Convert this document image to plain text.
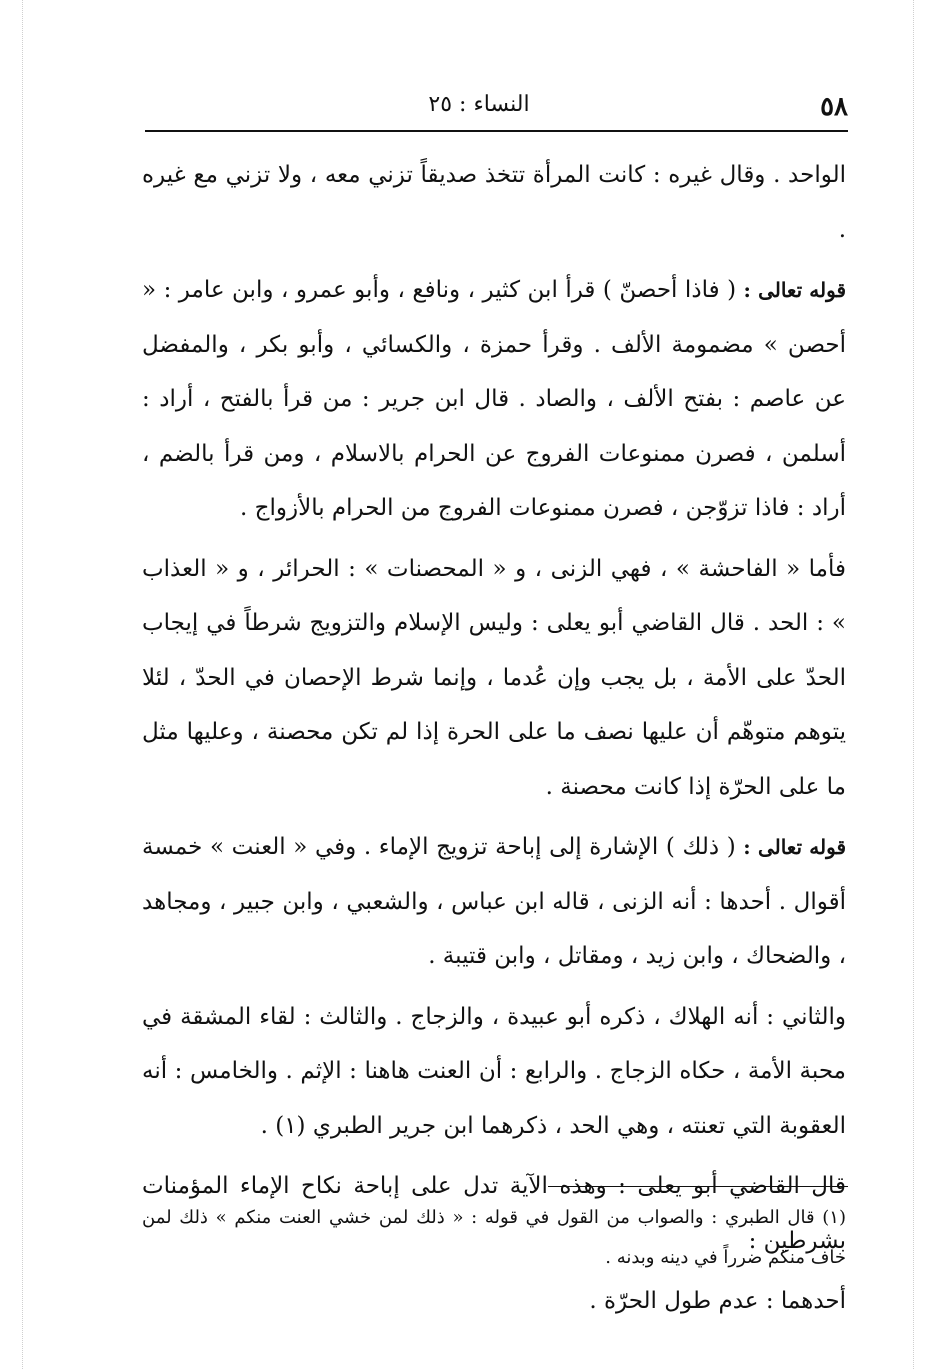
٥٨
النساء : ٢٥

الواحد . وقال غيره : كانت المرأة تتخذ صديقاً تزني معه ، ولا تزني مع غيره .

قوله تعالى : ( فاذا أحصنّ ) قرأ ابن كثير ، ونافع ، وأبو عمرو ، وابن عامر : « أحصن » مضمومة الألف . وقرأ حمزة ، والكسائي ، وأبو بكر ، والمفضل عن عاصم : بفتح الألف ، والصاد . قال ابن جرير : من قرأ بالفتح ، أراد : أسلمن ، فصرن ممنوعات الفروج عن الحرام بالاسلام ، ومن قرأ بالضم ، أراد : فاذا تزوّجن ، فصرن ممنوعات الفروج من الحرام بالأزواج .

فأما « الفاحشة » ، فهي الزنى ، و « المحصنات » : الحرائر ، و « العذاب » : الحد . قال القاضي أبو يعلى : وليس الإسلام والتزويج شرطاً في إيجاب الحدّ على الأمة ، بل يجب وإن عُدما ، وإنما شرط الإحصان في الحدّ ، لئلا يتوهم متوهّم أن عليها نصف ما على الحرة إذا لم تكن محصنة ، وعليها مثل ما على الحرّة إذا كانت محصنة .

قوله تعالى : ( ذلك ) الإشارة إلى إباحة تزويج الإماء . وفي « العنت » خمسة أقوال . أحدها : أنه الزنى ، قاله ابن عباس ، والشعبي ، وابن جبير ، ومجاهد ، والضحاك ، وابن زيد ، ومقاتل ، وابن قتيبة .

والثاني : أنه الهلاك ، ذكره أبو عبيدة ، والزجاج . والثالث : لقاء المشقة في محبة الأمة ، حكاه الزجاج . والرابع : أن العنت هاهنا : الإثم . والخامس : أنه العقوبة التي تعنته ، وهي الحد ، ذكرهما ابن جرير الطبري (١) .

قال القاضي أبو يعلى : وهذه الآية تدل على إباحة نكاح الإماء المؤمنات بشرطين :

أحدهما : عدم طول الحرّة .

(١) قال الطبري : والصواب من القول في قوله : « ذلك لمن خشي العنت منكم » ذلك لمن خاف منكم ضرراً في دينه وبدنه .
